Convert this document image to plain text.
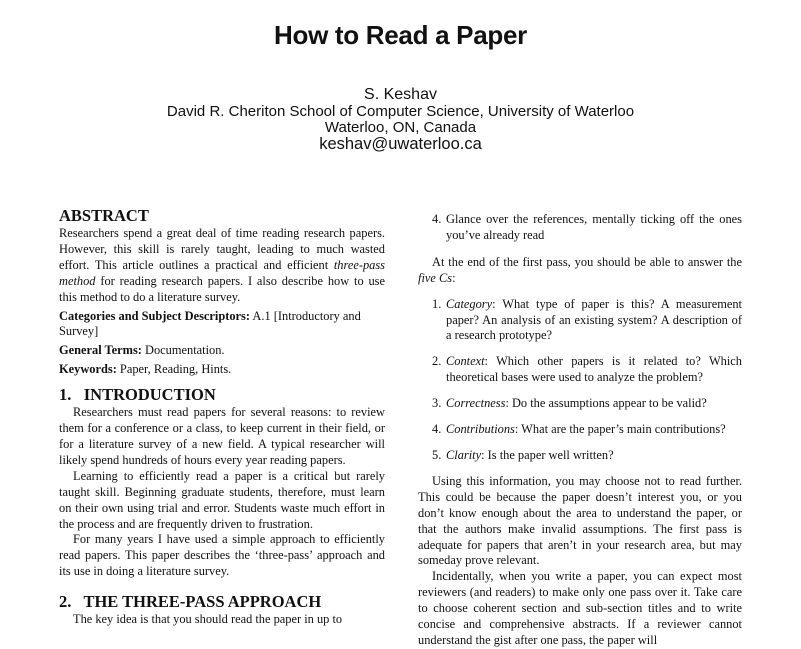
How to Read a Paper
S. Keshav
David R. Cheriton School of Computer Science, University of Waterloo
Waterloo, ON, Canada
keshav@uwaterloo.ca
ABSTRACT

Researchers spend a great deal of time reading research papers. However, this skill is rarely taught, leading to much wasted effort. This article outlines a practical and efficient three-pass method for reading research papers. I also describe how to use this method to do a literature survey.

Categories and Subject Descriptors: A.1 [Introductory and Survey]

General Terms: Documentation.

Keywords: Paper, Reading, Hints.

1.   INTRODUCTION

Researchers must read papers for several reasons: to review them for a conference or a class, to keep current in their field, or for a literature survey of a new field. A typical researcher will likely spend hundreds of hours every year reading papers.

Learning to efficiently read a paper is a critical but rarely taught skill. Beginning graduate students, therefore, must learn on their own using trial and error. Students waste much effort in the process and are frequently driven to frustration.

For many years I have used a simple approach to efficiently read papers. This paper describes the ‘three-pass’ approach and its use in doing a literature survey.

2.   THE THREE-PASS APPROACH

The key idea is that you should read the paper in up to

4. Glance over the references, mentally ticking off the ones you’ve already read

At the end of the first pass, you should be able to answer the five Cs:

1. Category: What type of paper is this? A measurement paper? An analysis of an existing system? A description of a research prototype?
2. Context: Which other papers is it related to? Which theoretical bases were used to analyze the problem?
3. Correctness: Do the assumptions appear to be valid?
4. Contributions: What are the paper’s main contributions?
5. Clarity: Is the paper well written?

Using this information, you may choose not to read further. This could be because the paper doesn’t interest you, or you don’t know enough about the area to understand the paper, or that the authors make invalid assumptions. The first pass is adequate for papers that aren’t in your research area, but may someday prove relevant.

Incidentally, when you write a paper, you can expect most reviewers (and readers) to make only one pass over it. Take care to choose coherent section and sub-section titles and to write concise and comprehensive abstracts. If a reviewer cannot understand the gist after one pass, the paper will
